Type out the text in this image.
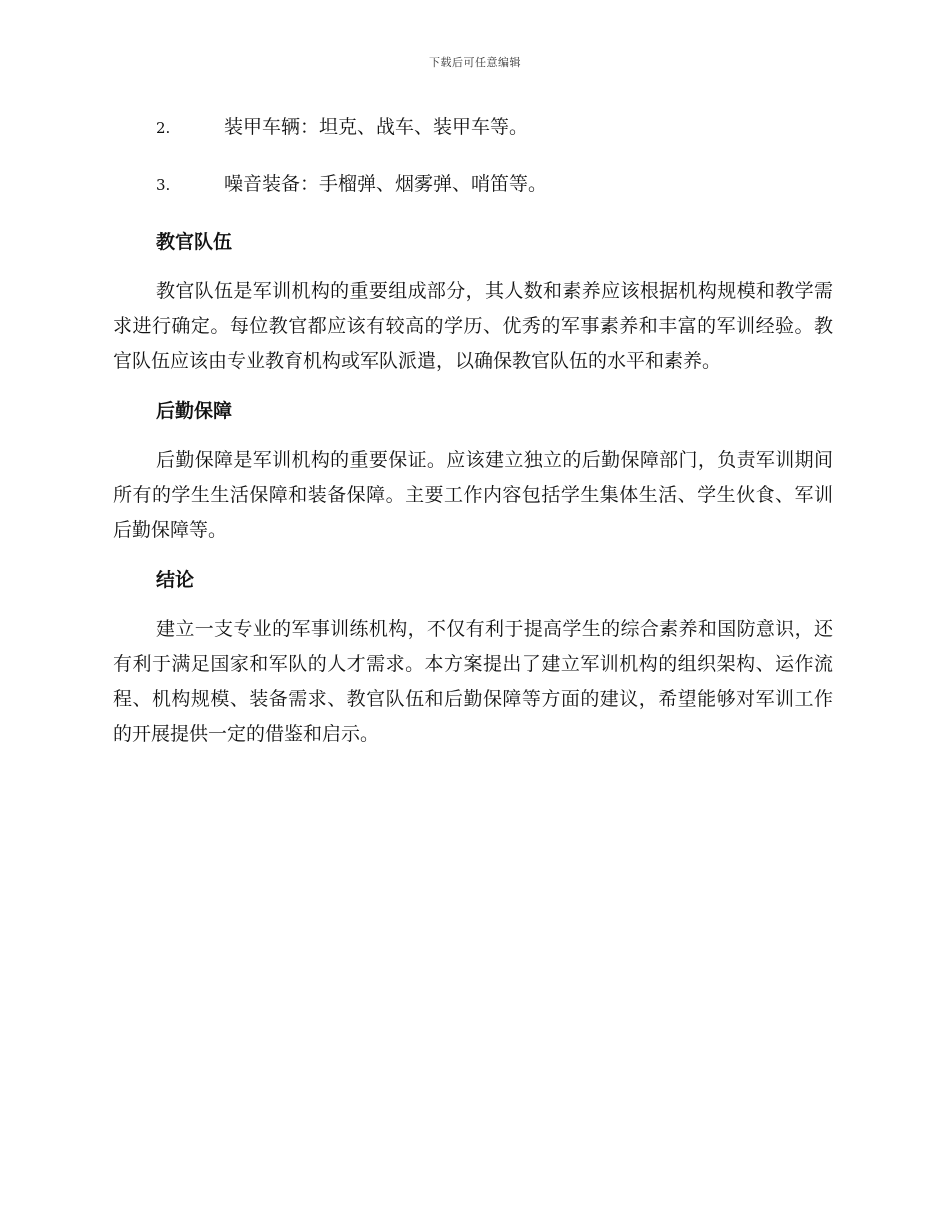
下载后可任意编辑
2.	装甲车辆：坦克、战车、装甲车等。
3.	噪音装备：手榴弹、烟雾弹、哨笛等。
教官队伍

教官队伍是军训机构的重要组成部分，其人数和素养应该根据机构规模和教学需求进行确定。每位教官都应该有较高的学历、优秀的军事素养和丰富的军训经验。教官队伍应该由专业教育机构或军队派遣，以确保教官队伍的水平和素养。

后勤保障

后勤保障是军训机构的重要保证。应该建立独立的后勤保障部门，负责军训期间所有的学生生活保障和装备保障。主要工作内容包括学生集体生活、学生伙食、军训后勤保障等。

结论

建立一支专业的军事训练机构，不仅有利于提高学生的综合素养和国防意识，还有利于满足国家和军队的人才需求。本方案提出了建立军训机构的组织架构、运作流程、机构规模、装备需求、教官队伍和后勤保障等方面的建议，希望能够对军训工作的开展提供一定的借鉴和启示。
